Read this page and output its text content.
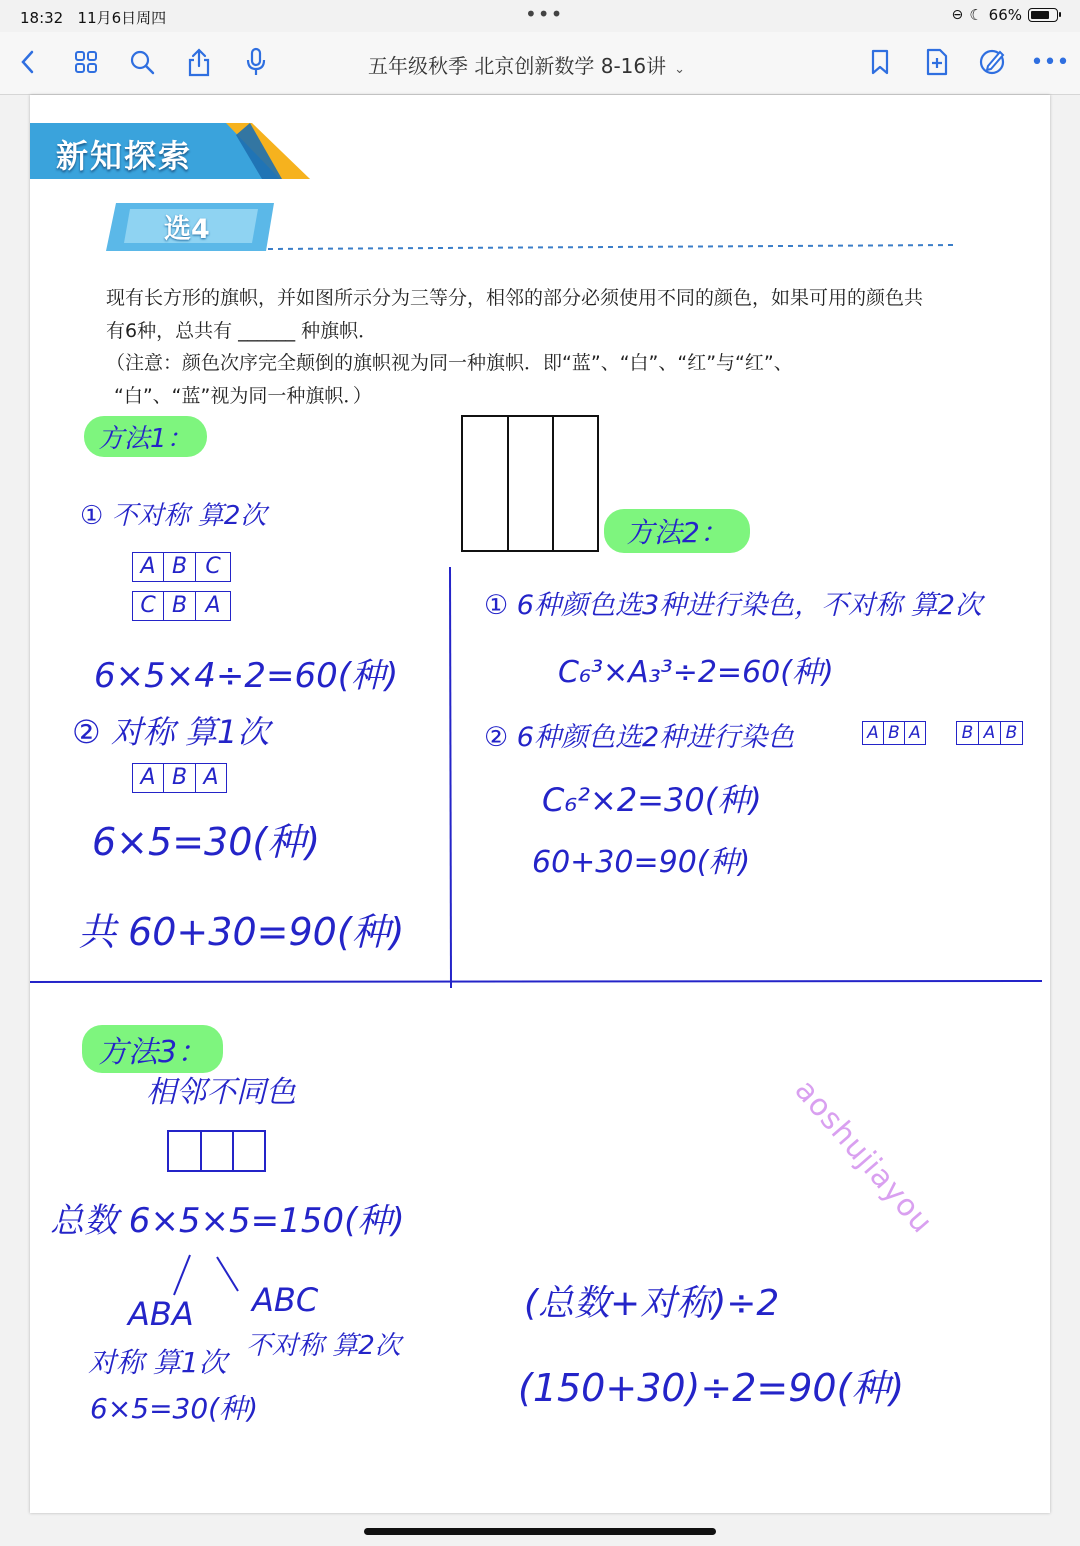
18:32 11月6日周四	•••	⊖ ☾ 66%
五年级秋季 北京创新数学 8-16讲 ⌄	•••
新知探索
选4
现有长方形的旗帜，并如图所示分为三等分，相邻的部分必须使用不同的颜色，如果可用的颜色共
有6种，总共有 ______ 种旗帜．
（注意：颜色次序完全颠倒的旗帜视为同一种旗帜．即“蓝”、“白”、“红”与“红”、
“白”、“蓝”视为同一种旗帜．）
方法1：
① 不对称 算2次
A B C
C B A
6×5×4÷2=60(种)
② 对称 算1次
A B A
6×5=30(种)
共 60+30=90(种)
方法2：
① 6种颜色选3种进行染色，不对称 算2次
C₆³×A₃³÷2=60(种)
② 6种颜色选2种进行染色	A B A B A B
C₆²×2=30(种)
60+30=90(种)
方法3：
相邻不同色
总数 6×5×5=150(种)
ABA
对称 算1次
6×5=30(种)
ABC
不对称 算2次
(总数+对称)÷2
(150+30)÷2=90(种)
aoshujiayou
